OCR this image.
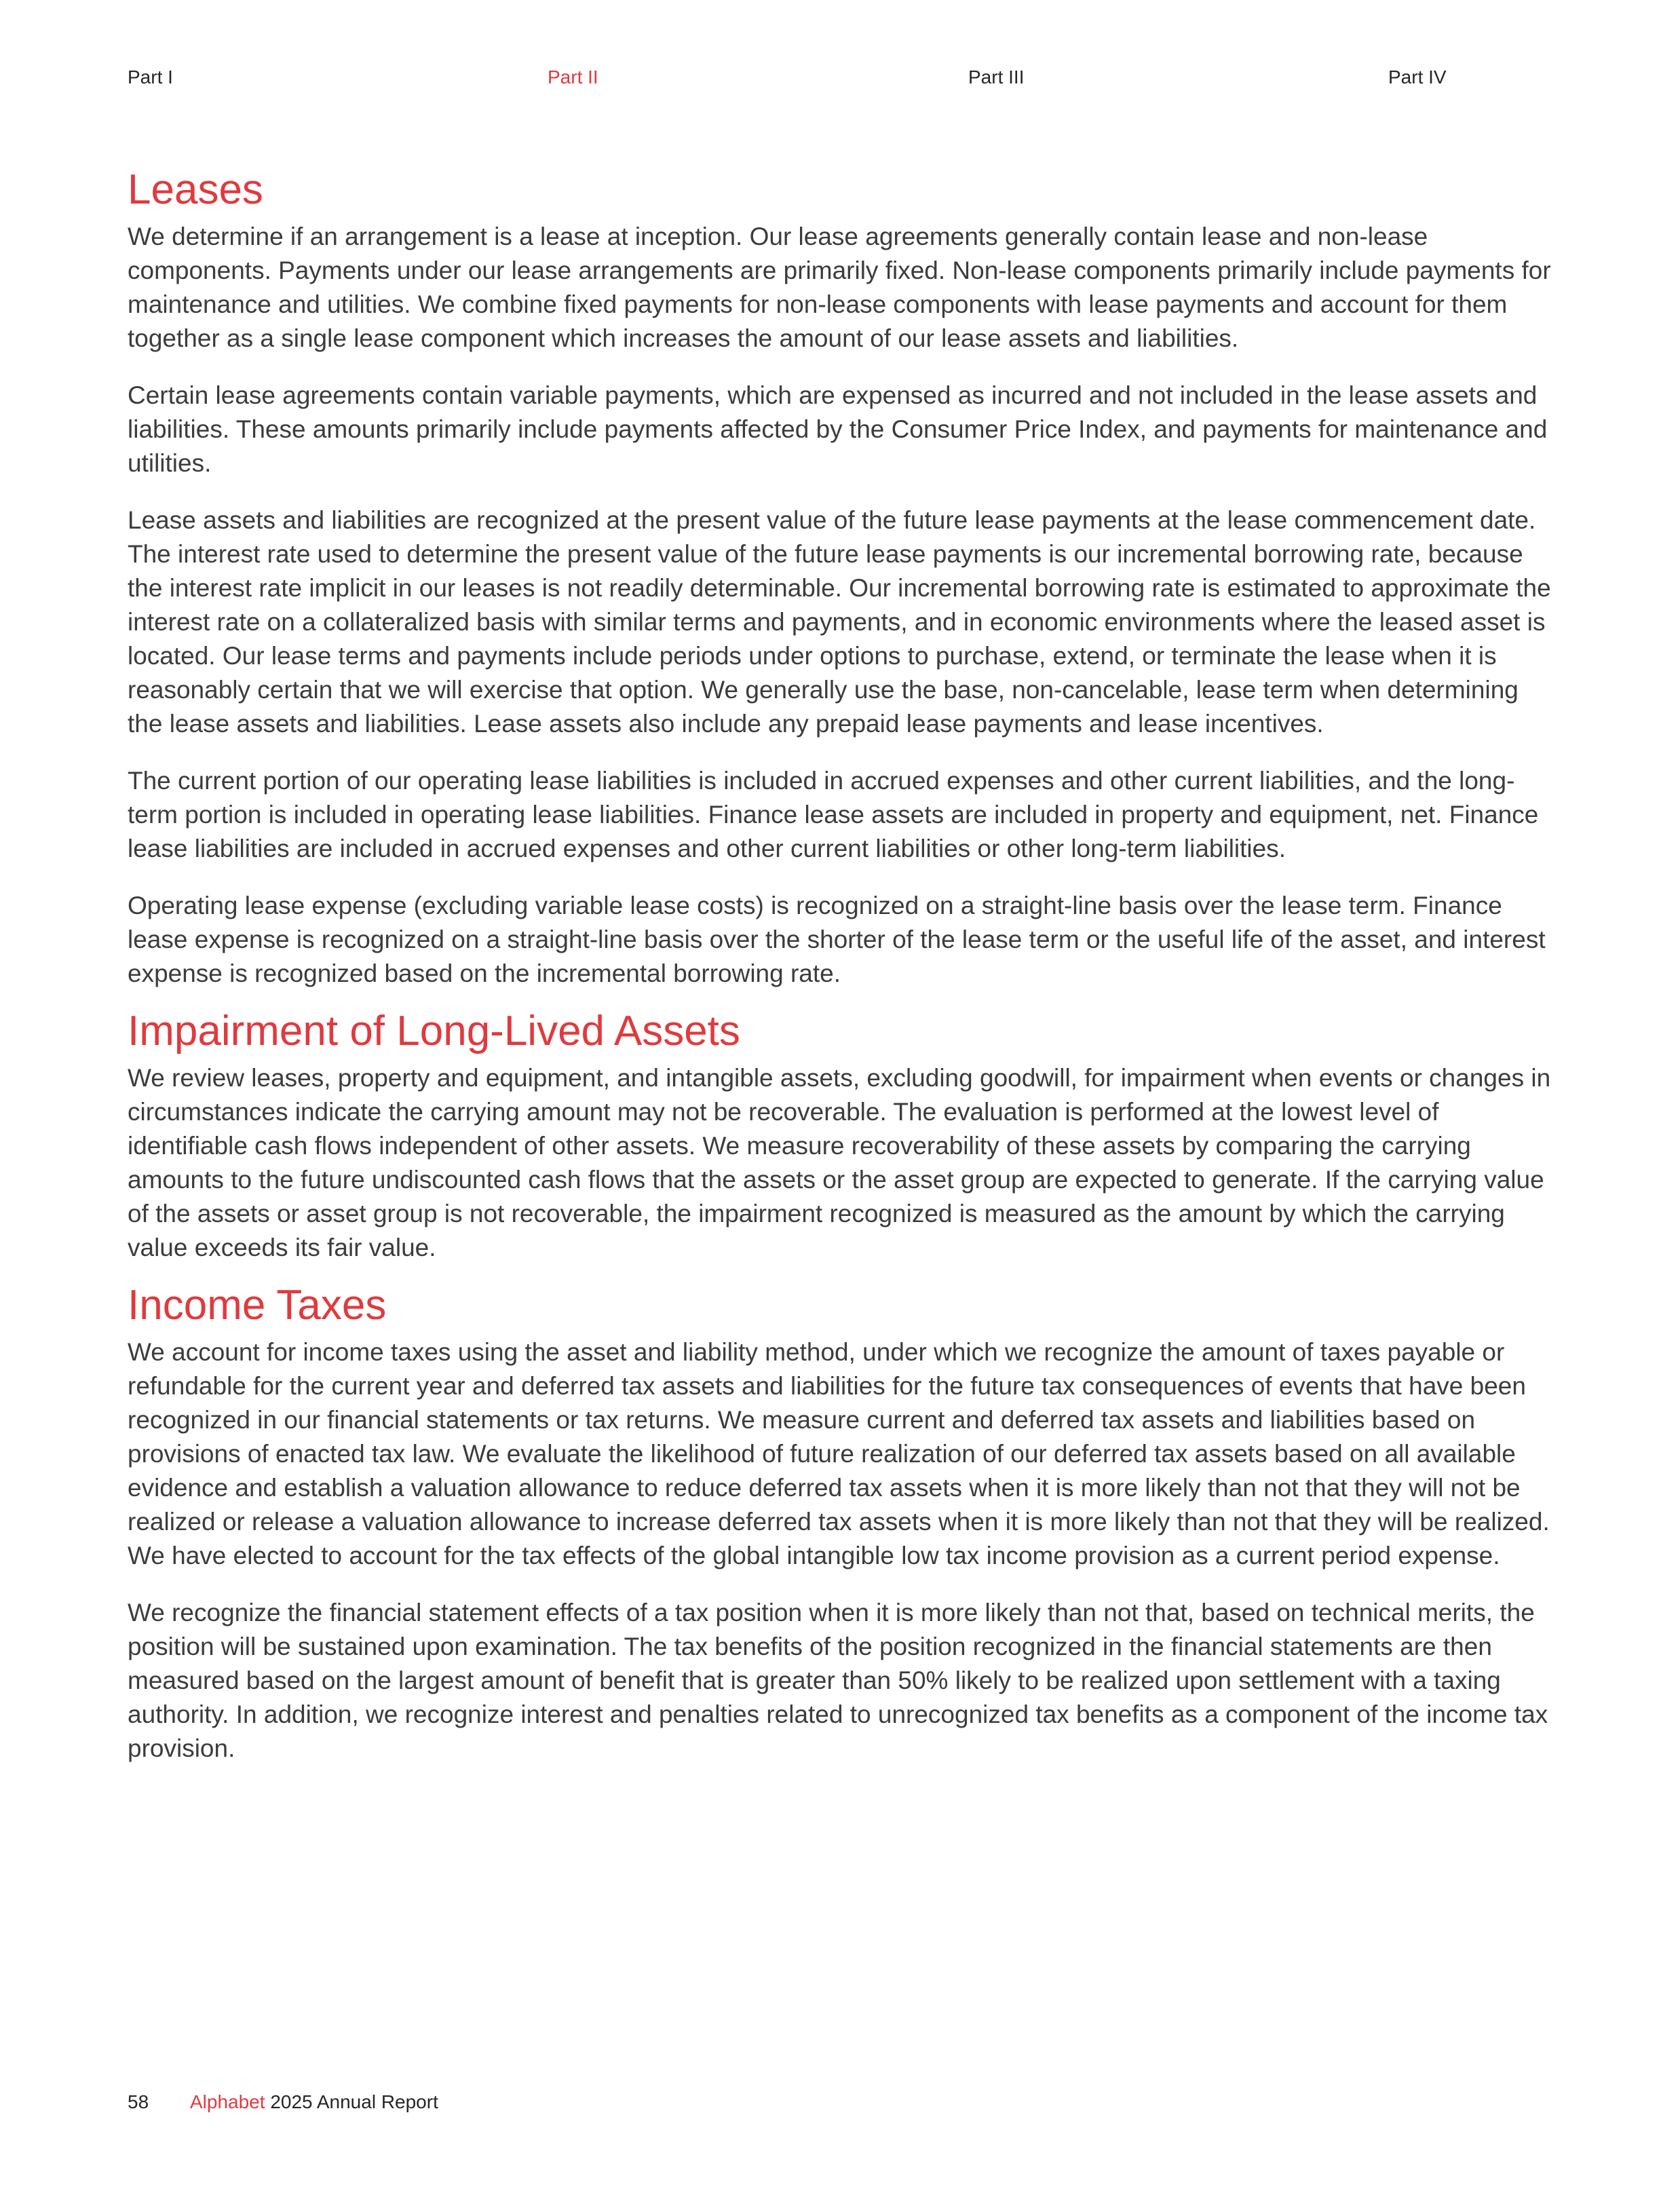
Part I	Part II	Part III	Part IV
Leases

We determine if an arrangement is a lease at inception. Our lease agreements generally contain lease and non-lease components. Payments under our lease arrangements are primarily fixed. Non-lease components primarily include payments for maintenance and utilities. We combine fixed payments for non-lease components with lease payments and account for them together as a single lease component which increases the amount of our lease assets and liabilities.

Certain lease agreements contain variable payments, which are expensed as incurred and not included in the lease assets and liabilities. These amounts primarily include payments affected by the Consumer Price Index, and payments for maintenance and utilities.

Lease assets and liabilities are recognized at the present value of the future lease payments at the lease commencement date. The interest rate used to determine the present value of the future lease payments is our incremental borrowing rate, because the interest rate implicit in our leases is not readily determinable. Our incremental borrowing rate is estimated to approximate the interest rate on a collateralized basis with similar terms and payments, and in economic environments where the leased asset is located. Our lease terms and payments include periods under options to purchase, extend, or terminate the lease when it is reasonably certain that we will exercise that option. We generally use the base, non-cancelable, lease term when determining the lease assets and liabilities. Lease assets also include any prepaid lease payments and lease incentives.

The current portion of our operating lease liabilities is included in accrued expenses and other current liabilities, and the long-term portion is included in operating lease liabilities. Finance lease assets are included in property and equipment, net. Finance lease liabilities are included in accrued expenses and other current liabilities or other long-term liabilities.

Operating lease expense (excluding variable lease costs) is recognized on a straight-line basis over the lease term. Finance lease expense is recognized on a straight-line basis over the shorter of the lease term or the useful life of the asset, and interest expense is recognized based on the incremental borrowing rate.

Impairment of Long-Lived Assets

We review leases, property and equipment, and intangible assets, excluding goodwill, for impairment when events or changes in circumstances indicate the carrying amount may not be recoverable. The evaluation is performed at the lowest level of identifiable cash flows independent of other assets. We measure recoverability of these assets by comparing the carrying amounts to the future undiscounted cash flows that the assets or the asset group are expected to generate. If the carrying value of the assets or asset group is not recoverable, the impairment recognized is measured as the amount by which the carrying value exceeds its fair value.

Income Taxes

We account for income taxes using the asset and liability method, under which we recognize the amount of taxes payable or refundable for the current year and deferred tax assets and liabilities for the future tax consequences of events that have been recognized in our financial statements or tax returns. We measure current and deferred tax assets and liabilities based on provisions of enacted tax law. We evaluate the likelihood of future realization of our deferred tax assets based on all available evidence and establish a valuation allowance to reduce deferred tax assets when it is more likely than not that they will not be realized or release a valuation allowance to increase deferred tax assets when it is more likely than not that they will be realized. We have elected to account for the tax effects of the global intangible low tax income provision as a current period expense.

We recognize the financial statement effects of a tax position when it is more likely than not that, based on technical merits, the position will be sustained upon examination. The tax benefits of the position recognized in the financial statements are then measured based on the largest amount of benefit that is greater than 50% likely to be realized upon settlement with a taxing authority. In addition, we recognize interest and penalties related to unrecognized tax benefits as a component of the income tax provision.

58 Alphabet 2025 Annual Report
